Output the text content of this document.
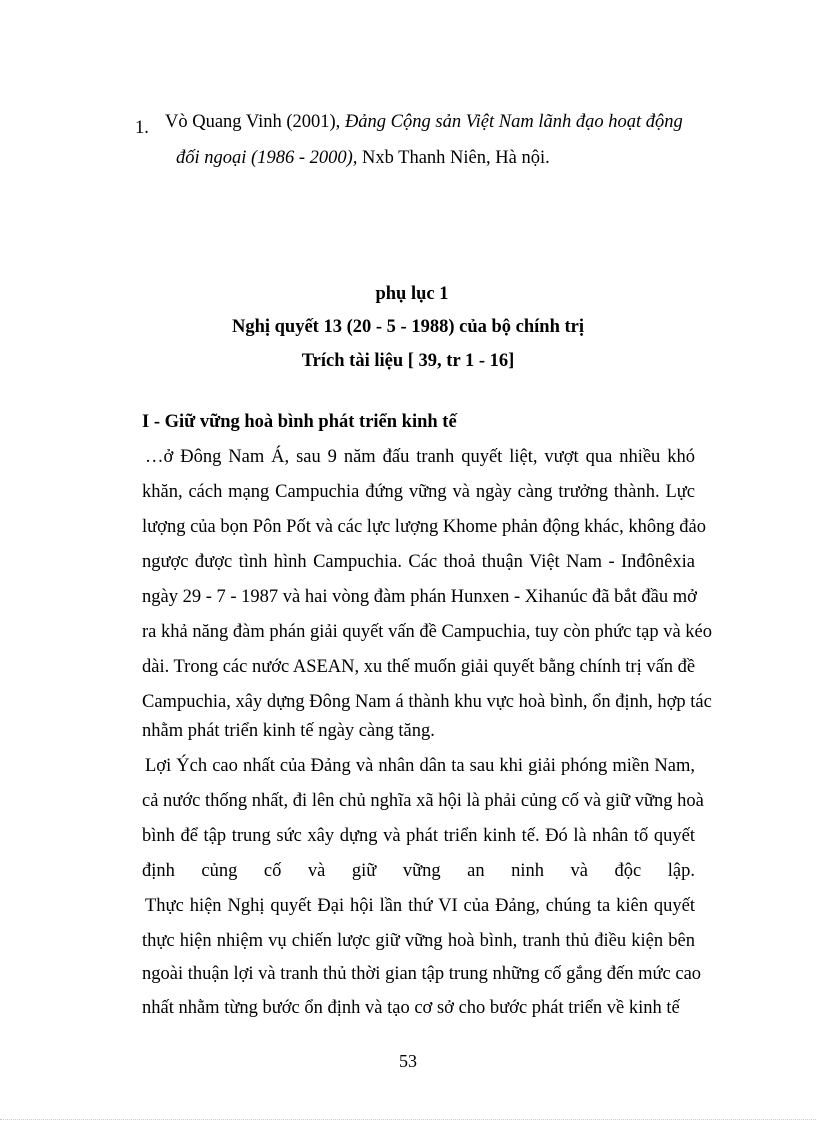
1. Vò Quang Vinh (2001), Đảng Cộng sản Việt Nam lãnh đạo hoạt động
đối ngoại (1986 - 2000), Nxb Thanh Niên, Hà nội.
phụ lục 1
Nghị quyết 13 (20 - 5 - 1988) của bộ chính trị
Trích tài liệu [ 39, tr 1 - 16]
I - Giữ vững hoà bình phát triển kinh tế
…ở Đông Nam Á, sau 9 năm đấu tranh quyết liệt, vượt qua nhiều khó
khăn, cách mạng Campuchia đứng vững và ngày càng trưởng thành. Lực
lượng của bọn Pôn Pốt và các lực lượng Khome phản động khác, không đảo
ngược được tình hình Campuchia. Các thoả thuận Việt Nam - Inđônêxia
ngày 29 - 7 - 1987 và hai vòng đàm phán Hunxen - Xihanúc đã bắt đầu mở
ra khả năng đàm phán giải quyết vấn đề Campuchia, tuy còn phức tạp và kéo
dài. Trong các nước ASEAN, xu thế muốn giải quyết bằng chính trị vấn đề
Campuchia, xây dựng Đông Nam á thành khu vực hoà bình, ổn định, hợp tác
nhằm phát triển kinh tế ngày càng tăng.
Lợi Ých cao nhất của Đảng và nhân dân ta sau khi giải phóng miền Nam,
cả nước thống nhất, đi lên chủ nghĩa xã hội là phải củng cố và giữ vững hoà
bình để tập trung sức xây dựng và phát triển kinh tế. Đó là nhân tố quyết
định củng cố và giữ vững an ninh và độc lập.
Thực hiện Nghị quyết Đại hội lần thứ VI của Đảng, chúng ta kiên quyết
thực hiện nhiệm vụ chiến lược giữ vững hoà bình, tranh thủ điều kiện bên
ngoài thuận lợi và tranh thủ thời gian tập trung những cố gắng đến mức cao
nhất nhằm từng bước ổn định và tạo cơ sở cho bước phát triển về kinh tế
53
